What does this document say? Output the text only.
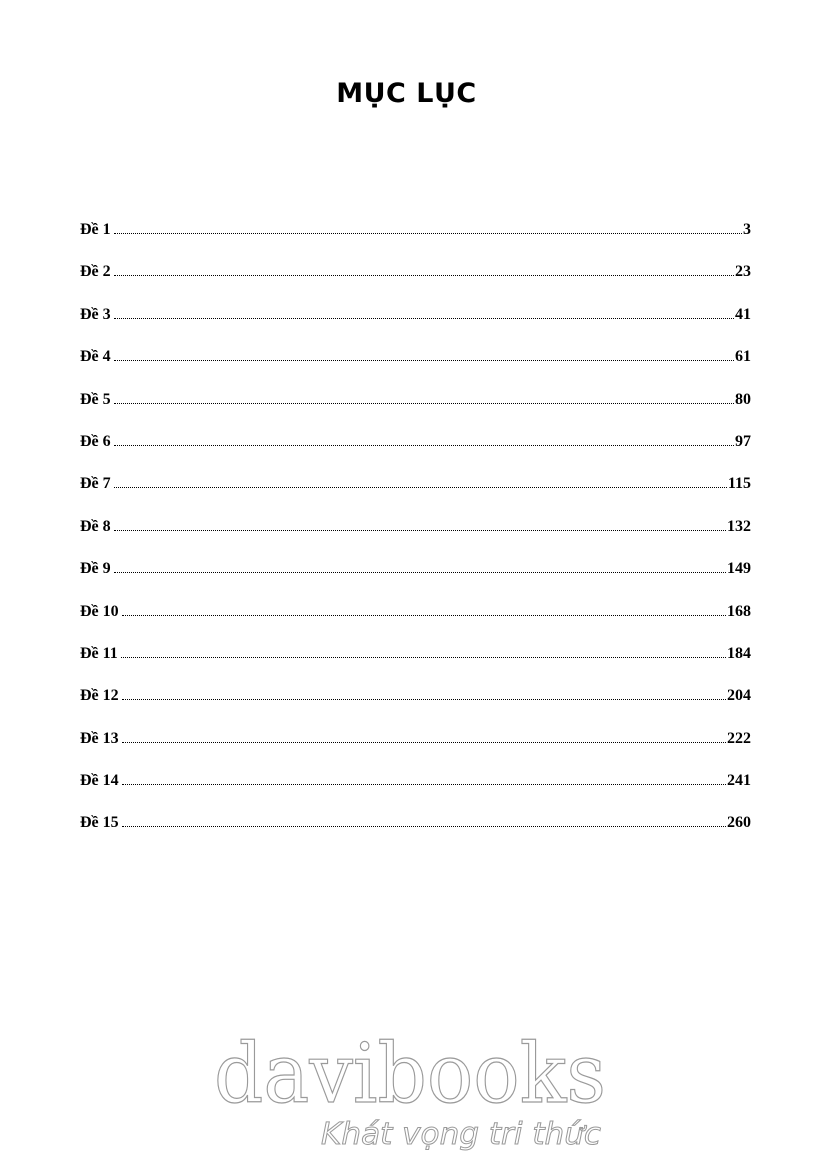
MỤC LỤC
Đề 1	3
Đề 2	23
Đề 3	41
Đề 4	61
Đề 5	80
Đề 6	97
Đề 7	115
Đề 8	132
Đề 9	149
Đề 10	168
Đề 11	184
Đề 12	204
Đề 13	222
Đề 14	241
Đề 15	260
davibooks
Khát vọng tri thức
